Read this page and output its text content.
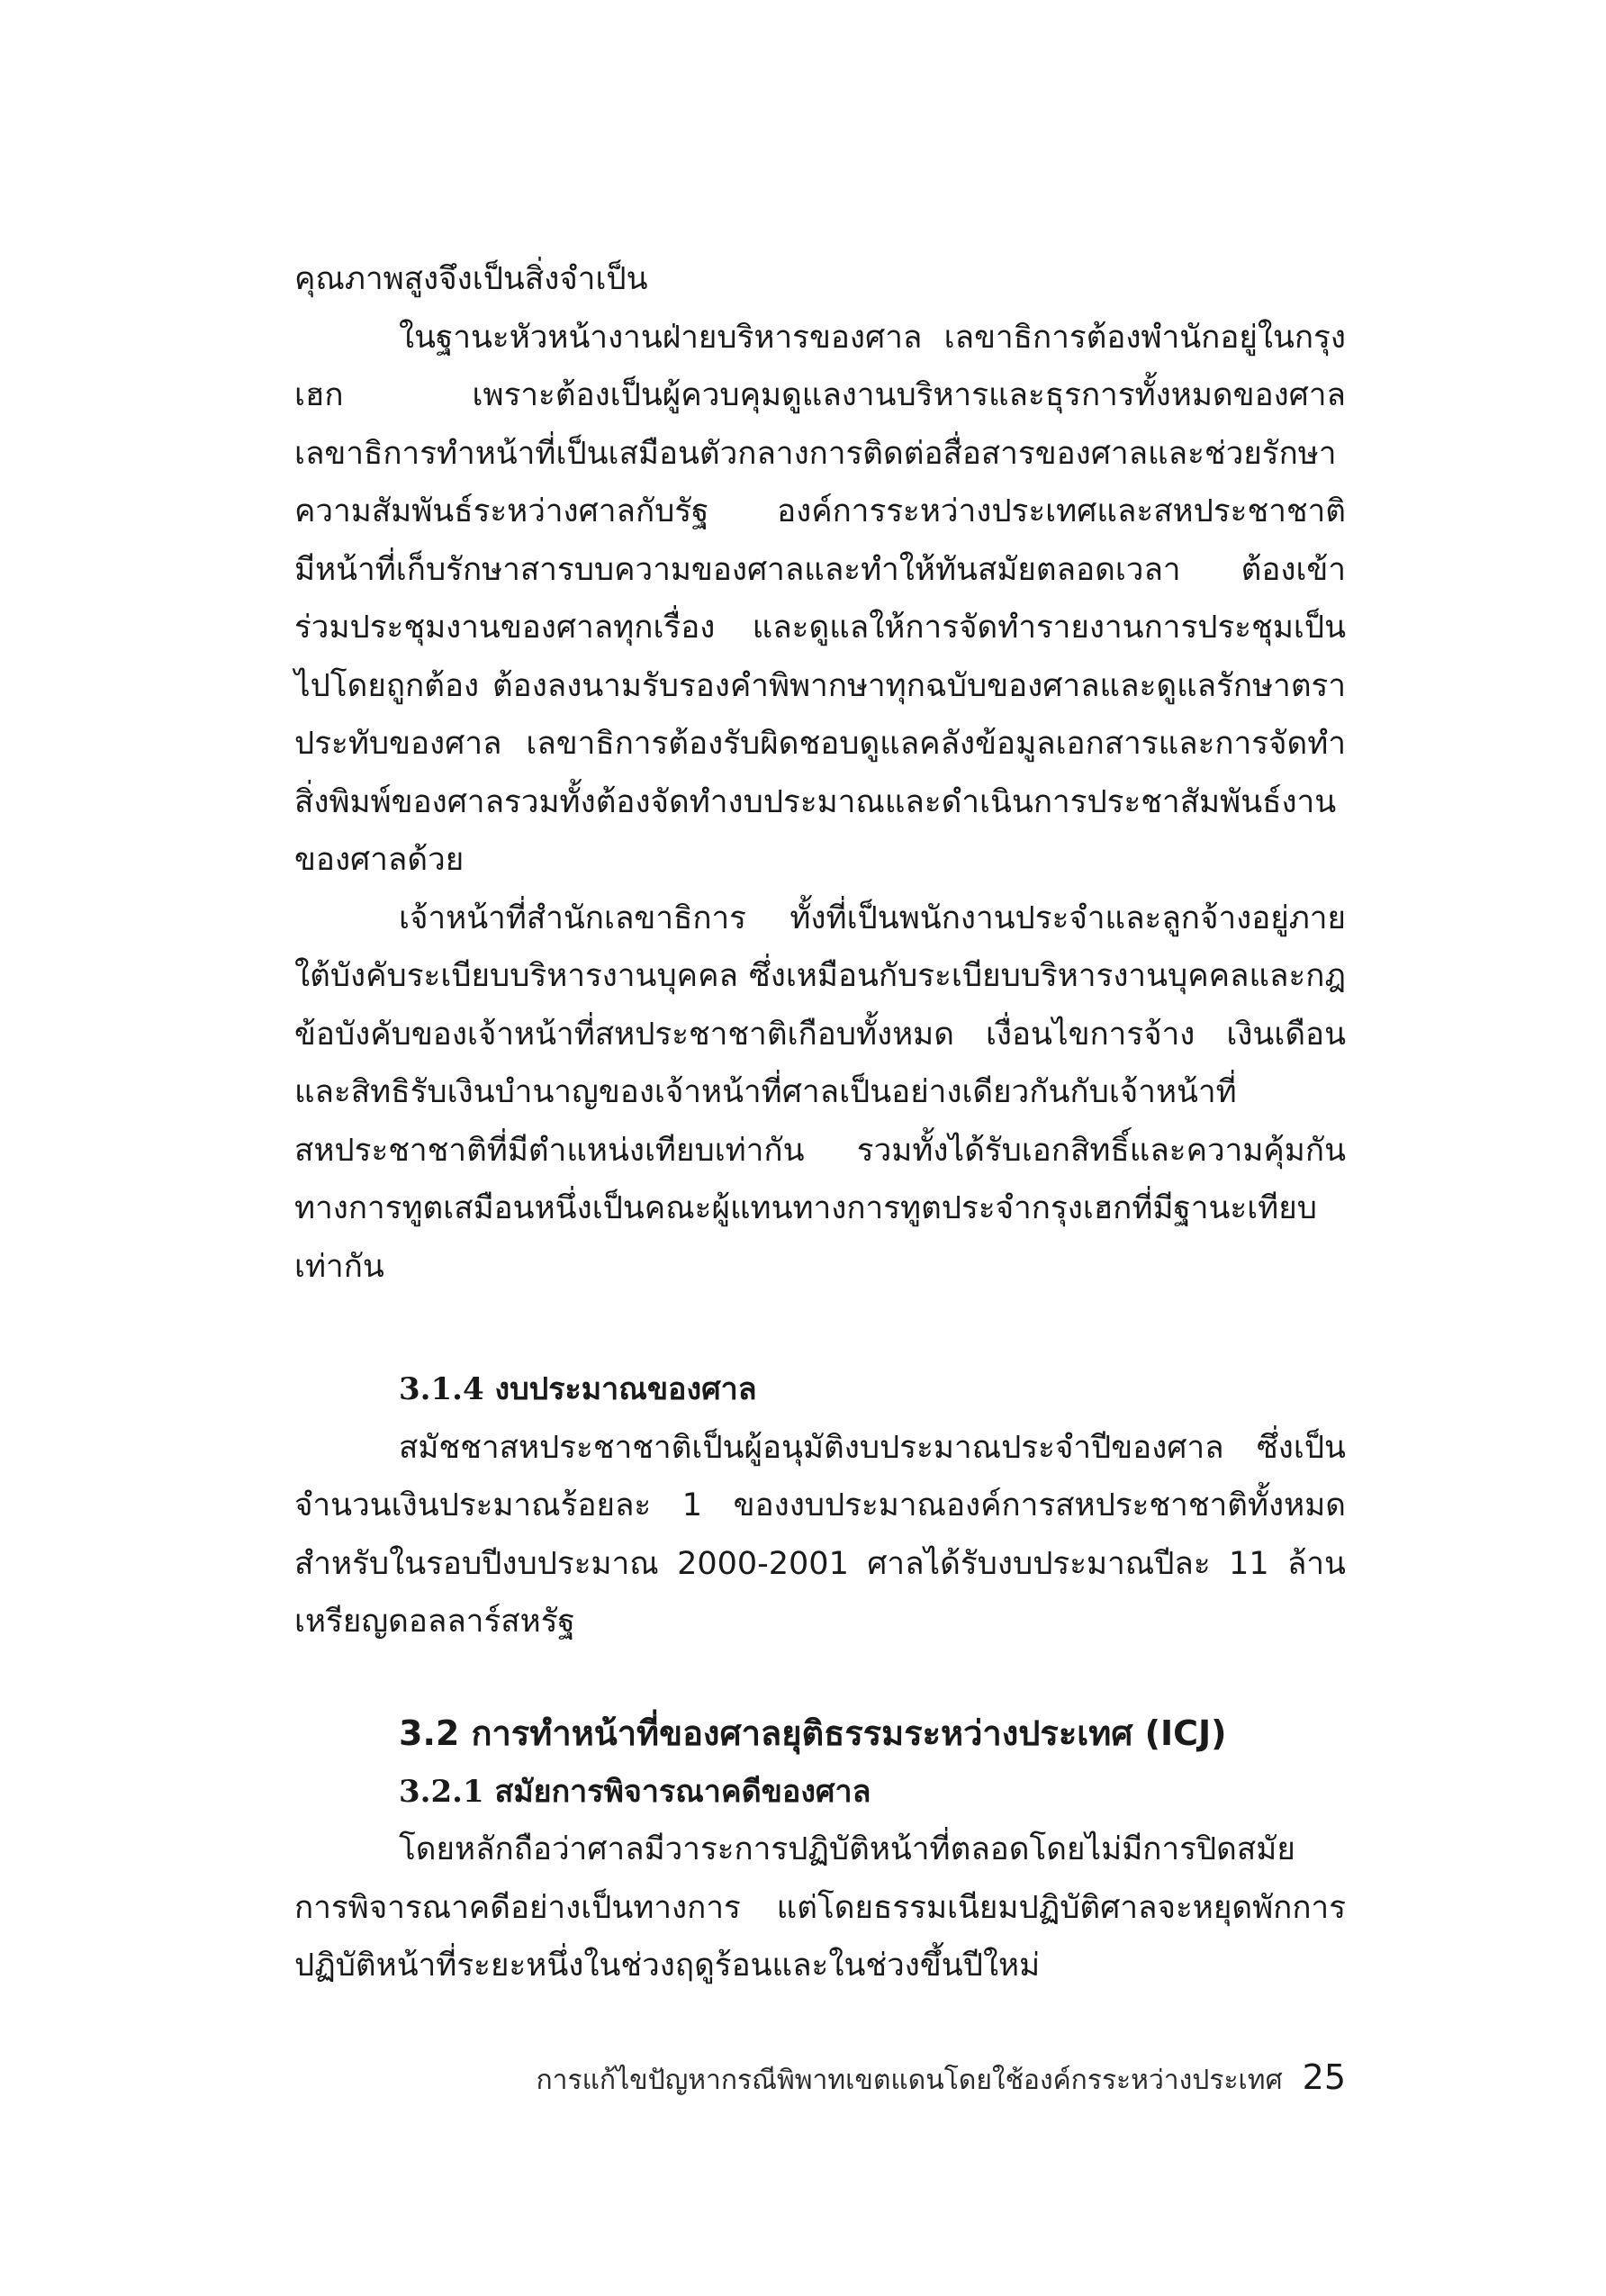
คุณภาพสูงจึงเป็นสิ่งจำเป็น

ในฐานะหัวหน้างานฝ่ายบริหารของศาล เลขาธิการต้องพำนักอยู่ในกรุงเฮก เพราะต้องเป็นผู้ควบคุมดูแลงานบริหารและธุรการทั้งหมดของศาล เลขาธิการทำหน้าที่เป็นเสมือนตัวกลางการติดต่อสื่อสารของศาลและช่วยรักษาความสัมพันธ์ระหว่างศาลกับรัฐ องค์การระหว่างประเทศและสหประชาชาติ มีหน้าที่เก็บรักษาสารบบความของศาลและทำให้ทันสมัยตลอดเวลา ต้องเข้าร่วมประชุมงานของศาลทุกเรื่อง และดูแลให้การจัดทำรายงานการประชุมเป็นไปโดยถูกต้อง ต้องลงนามรับรองคำพิพากษาทุกฉบับของศาลและดูแลรักษาตราประทับของศาล เลขาธิการต้องรับผิดชอบดูแลคลังข้อมูลเอกสารและการจัดทำสิ่งพิมพ์ของศาลรวมทั้งต้องจัดทำงบประมาณและดำเนินการประชาสัมพันธ์งานของศาลด้วย

เจ้าหน้าที่สำนักเลขาธิการ ทั้งที่เป็นพนักงานประจำและลูกจ้างอยู่ภายใต้บังคับระเบียบบริหารงานบุคคล ซึ่งเหมือนกับระเบียบบริหารงานบุคคลและกฎข้อบังคับของเจ้าหน้าที่สหประชาชาติเกือบทั้งหมด เงื่อนไขการจ้าง เงินเดือน และสิทธิรับเงินบำนาญของเจ้าหน้าที่ศาลเป็นอย่างเดียวกันกับเจ้าหน้าที่สหประชาชาติที่มีตำแหน่งเทียบเท่ากัน รวมทั้งได้รับเอกสิทธิ์และความคุ้มกันทางการทูตเสมือนหนึ่งเป็นคณะผู้แทนทางการทูตประจำกรุงเฮกที่มีฐานะเทียบเท่ากัน

3.1.4 งบประมาณของศาล

สมัชชาสหประชาชาติเป็นผู้อนุมัติงบประมาณประจำปีของศาล ซึ่งเป็นจำนวนเงินประมาณร้อยละ 1 ของงบประมาณองค์การสหประชาชาติทั้งหมด สำหรับในรอบปีงบประมาณ 2000-2001 ศาลได้รับงบประมาณปีละ 11 ล้านเหรียญดอลลาร์สหรัฐ

3.2 การทำหน้าที่ของศาลยุติธรรมระหว่างประเทศ (ICJ)
3.2.1 สมัยการพิจารณาคดีของศาล

โดยหลักถือว่าศาลมีวาระการปฏิบัติหน้าที่ตลอดโดยไม่มีการปิดสมัยการพิจารณาคดีอย่างเป็นทางการ แต่โดยธรรมเนียมปฏิบัติศาลจะหยุดพักการปฏิบัติหน้าที่ระยะหนึ่งในช่วงฤดูร้อนและในช่วงขึ้นปีใหม่

การแก้ไขปัญหากรณีพิพาทเขตแดนโดยใช้องค์กรระหว่างประเทศ 25
